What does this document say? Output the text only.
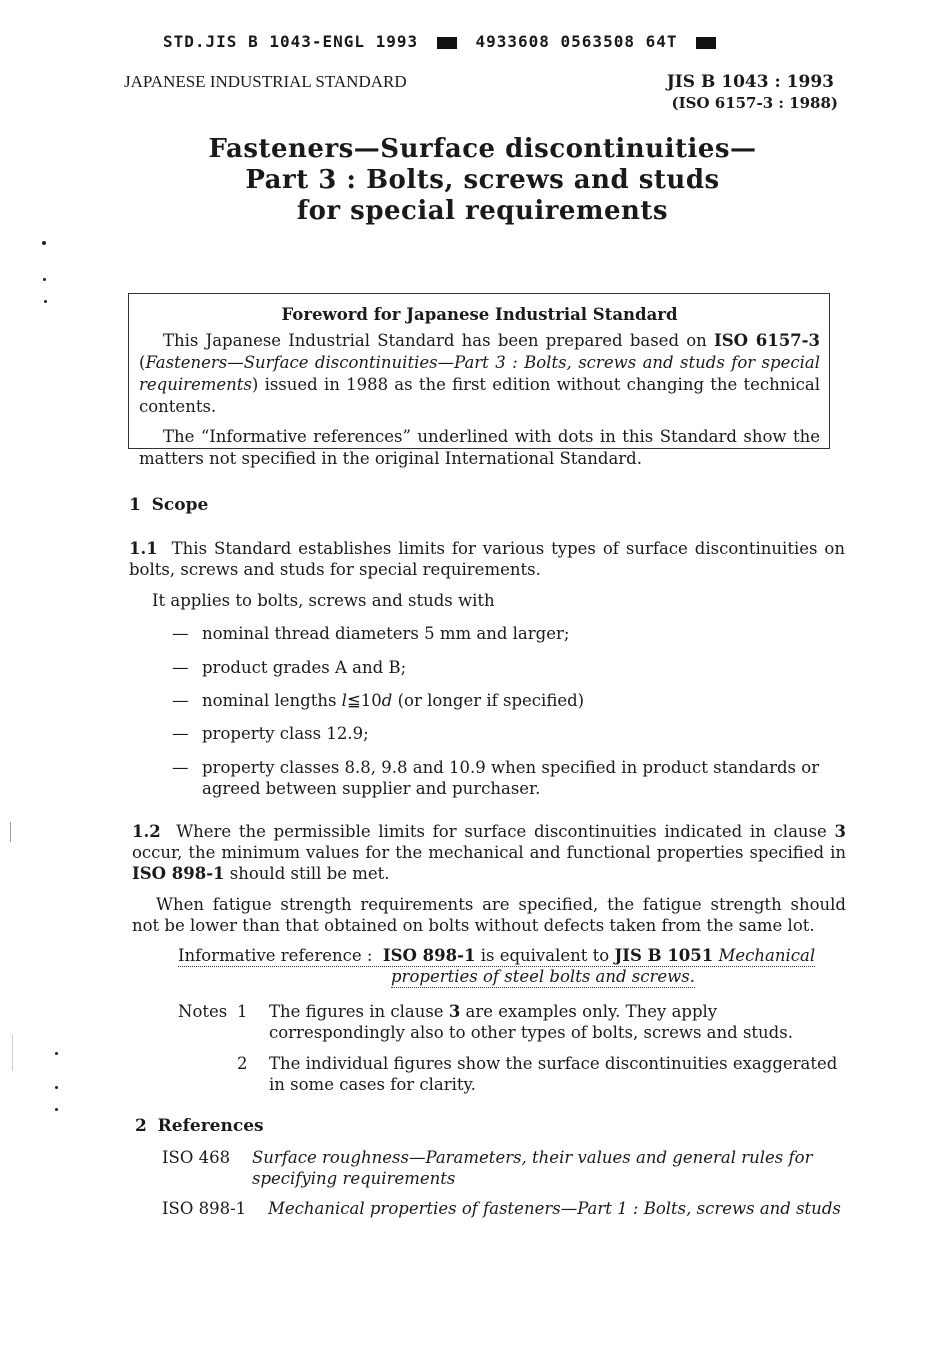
STD.JIS B 1043-ENGL 1993	4933608 0563508 64T
JAPANESE INDUSTRIAL STANDARD	JIS B 1043 : 1993
(ISO 6157-3 : 1988)
Fasteners—Surface discontinuities—
Part 3 : Bolts, screws and studs
for special requirements
Foreword for Japanese Industrial Standard

This Japanese Industrial Standard has been prepared based on ISO 6157-3 (Fasteners—Surface discontinuities—Part 3 : Bolts, screws and studs for special requirements) issued in 1988 as the first edition without changing the technical contents.

The “Informative references” underlined with dots in this Standard show the matters not specified in the original International Standard.

1 Scope
1.1 This Standard establishes limits for various types of surface discontinuities on bolts, screws and studs for special requirements.
It applies to bolts, screws and studs with
— nominal thread diameters 5 mm and larger;
— product grades A and B;
— nominal lengths l≦10d (or longer if specified)
— property class 12.9;
— property classes 8.8, 9.8 and 10.9 when specified in product standards or agreed between supplier and purchaser.
1.2 Where the permissible limits for surface discontinuities indicated in clause 3 occur, the minimum values for the mechanical and functional properties specified in ISO 898-1 should still be met.
When fatigue strength requirements are specified, the fatigue strength should not be lower than that obtained on bolts without defects taken from the same lot.
Informative reference : ISO 898-1 is equivalent to JIS B 1051 Mechanical
properties of steel bolts and screws.
Notes 1 The figures in clause 3 are examples only. They apply correspondingly also to other types of bolts, screws and studs.
2 The individual figures show the surface discontinuities exaggerated in some cases for clarity.
2 References
ISO 468 Surface roughness—Parameters, their values and general rules for specifying requirements
ISO 898-1 Mechanical properties of fasteners—Part 1 : Bolts, screws and studs
